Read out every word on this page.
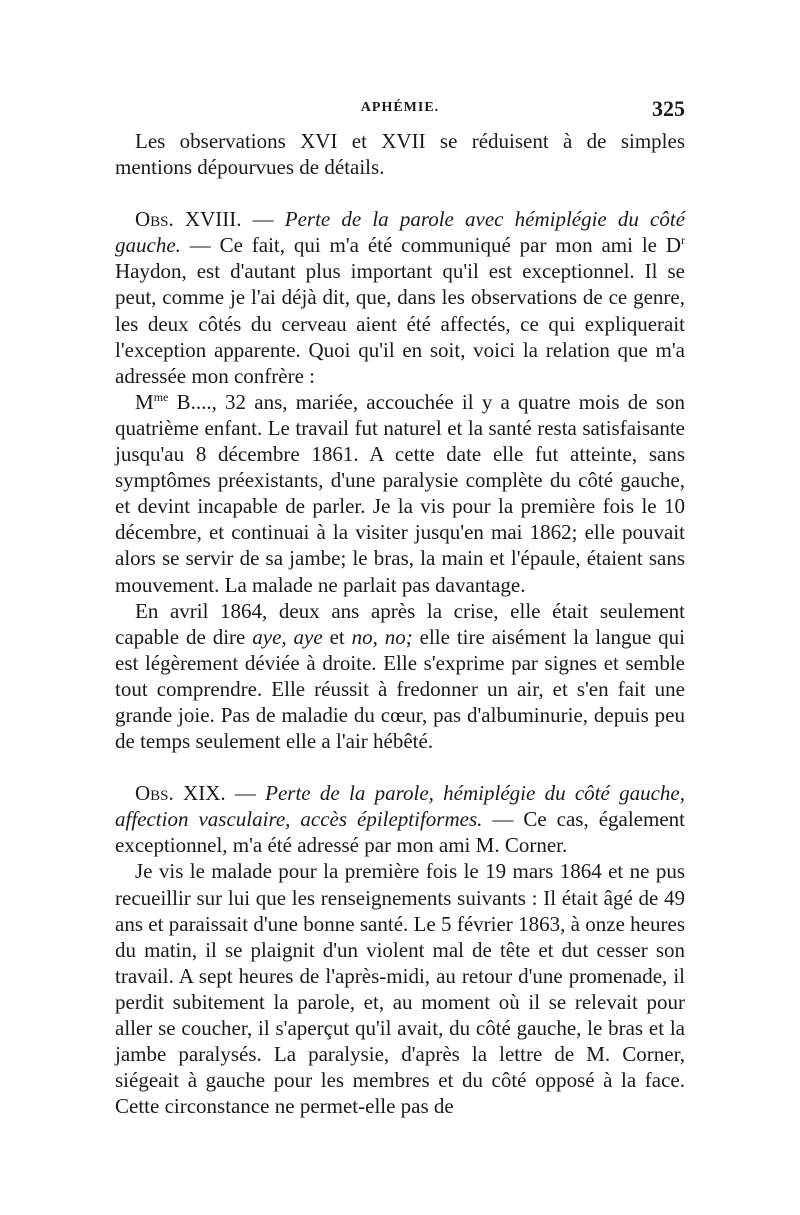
APHÉMIE.	325

Les observations XVI et XVII se réduisent à de simples mentions dépourvues de détails.

Obs. XVIII. — Perte de la parole avec hémiplégie du côté gauche. — Ce fait, qui m'a été communiqué par mon ami le $D^r$ Haydon, est d'autant plus important qu'il est exceptionnel. Il se peut, comme je l'ai déjà dit, que, dans les observations de ce genre, les deux côtés du cerveau aient été affectés, ce qui expliquerait l'exception apparente. Quoi qu'il en soit, voici la relation que m'a adressée mon confrère :

$M^{me}$ B...., 32 ans, mariée, accouchée il y a quatre mois de son quatrième enfant. Le travail fut naturel et la santé resta satisfaisante jusqu'au 8 décembre 1861. A cette date elle fut atteinte, sans symptômes préexistants, d'une paralysie complète du côté gauche, et devint incapable de parler. Je la vis pour la première fois le 10 décembre, et continuai à la visiter jusqu'en mai 1862; elle pouvait alors se servir de sa jambe; le bras, la main et l'épaule, étaient sans mouvement. La malade ne parlait pas davantage.

En avril 1864, deux ans après la crise, elle était seulement capable de dire aye, aye et no, no; elle tire aisément la langue qui est légèrement déviée à droite. Elle s'exprime par signes et semble tout comprendre. Elle réussit à fredonner un air, et s'en fait une grande joie. Pas de maladie du cœur, pas d'albuminurie, depuis peu de temps seulement elle a l'air hébêté.

Obs. XIX. — Perte de la parole, hémiplégie du côté gauche, affection vasculaire, accès épileptiformes. — Ce cas, également exceptionnel, m'a été adressé par mon ami M. Corner.

Je vis le malade pour la première fois le 19 mars 1864 et ne pus recueillir sur lui que les renseignements suivants : Il était âgé de 49 ans et paraissait d'une bonne santé. Le 5 février 1863, à onze heures du matin, il se plaignit d'un violent mal de tête et dut cesser son travail. A sept heures de l'après-midi, au retour d'une promenade, il perdit subitement la parole, et, au moment où il se relevait pour aller se coucher, il s'aperçut qu'il avait, du côté gauche, le bras et la jambe paralysés. La paralysie, d'après la lettre de M. Corner, siégeait à gauche pour les membres et du côté opposé à la face. Cette circonstance ne permet-elle pas de
